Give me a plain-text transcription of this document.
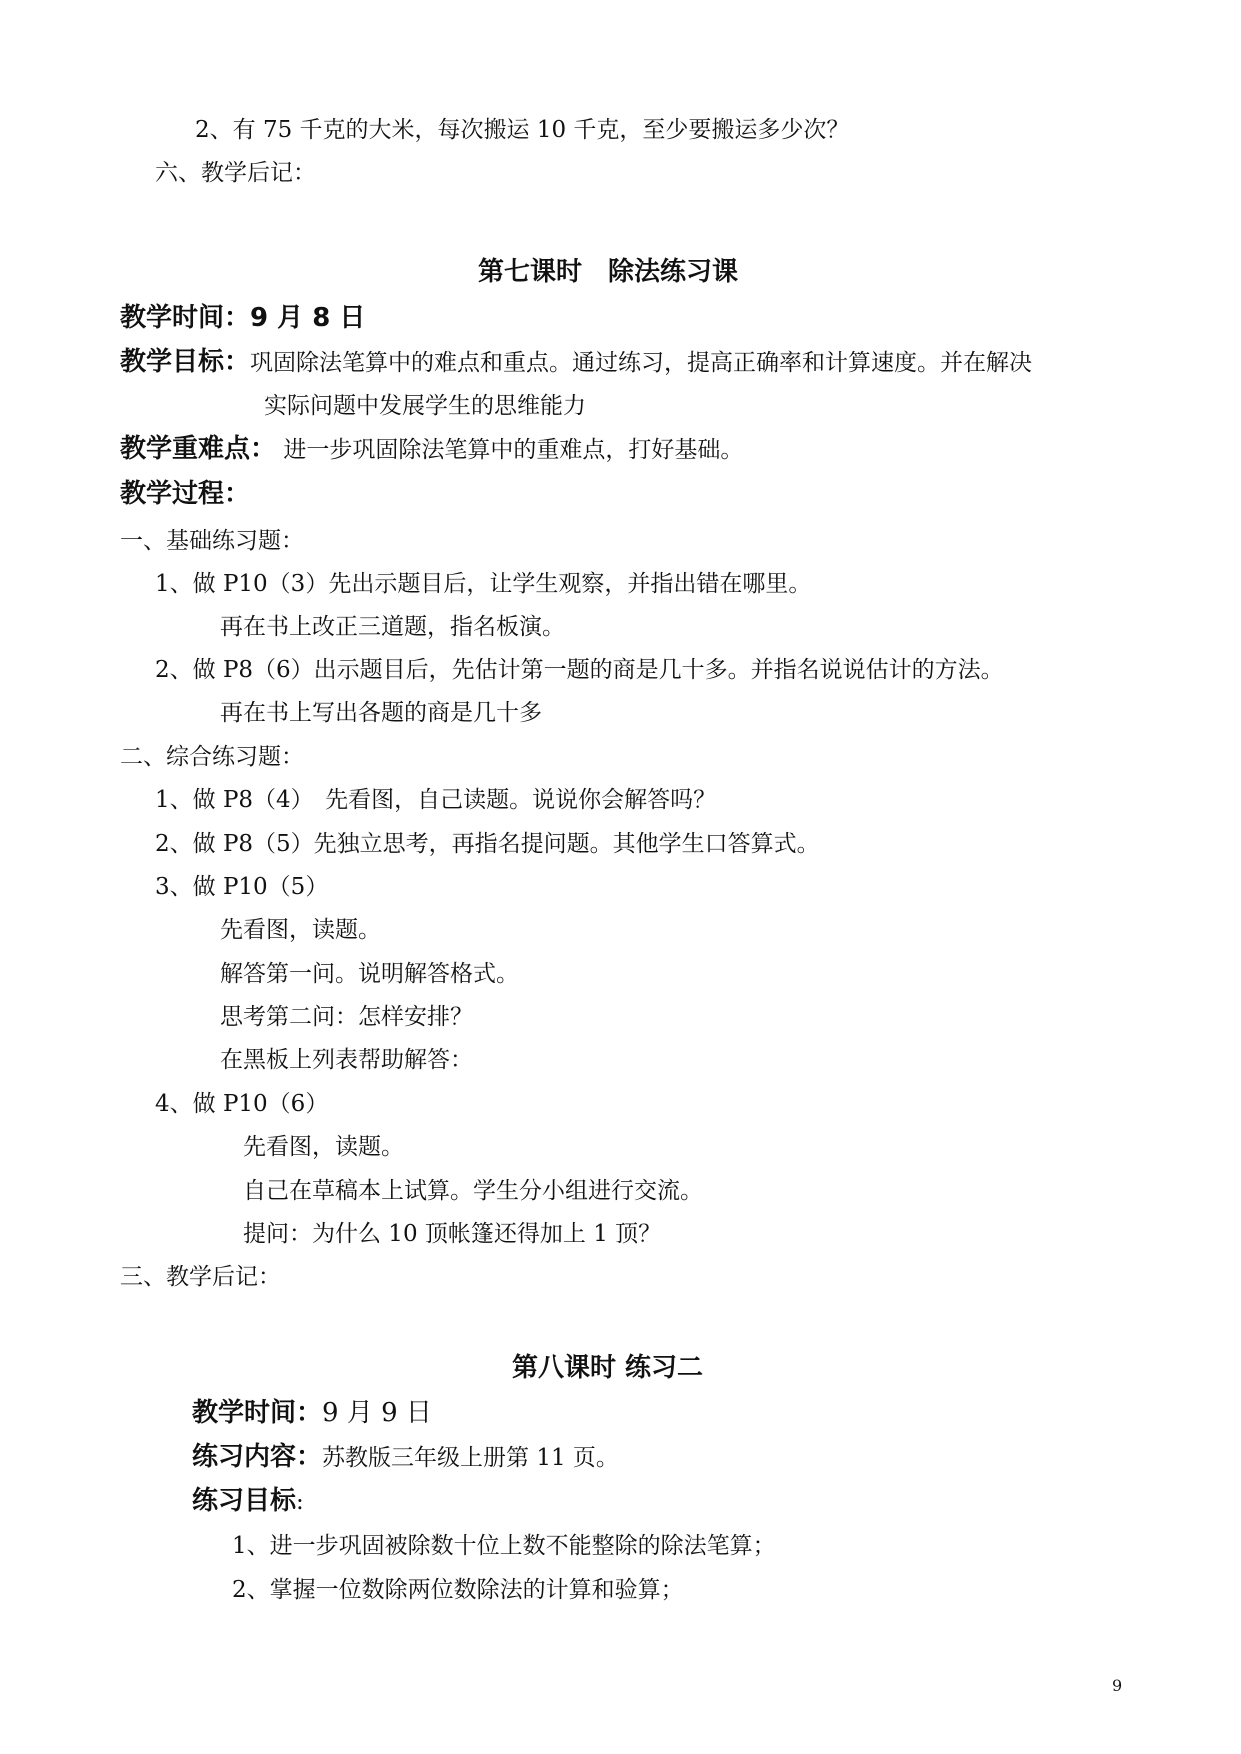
2、有 75 千克的大米，每次搬运 10 千克，至少要搬运多少次？
六、教学后记：
第七课时　除法练习课
教学时间：9 月 8 日
教学目标：巩固除法笔算中的难点和重点。通过练习，提高正确率和计算速度。并在解决
实际问题中发展学生的思维能力
教学重难点： 进一步巩固除法笔算中的重难点，打好基础。
教学过程：
一、基础练习题：
1、做 P10（3）先出示题目后，让学生观察，并指出错在哪里。
再在书上改正三道题，指名板演。
2、做 P8（6）出示题目后，先估计第一题的商是几十多。并指名说说估计的方法。
再在书上写出各题的商是几十多
二、综合练习题：
1、做 P8（4）　先看图，自己读题。说说你会解答吗？
2、做 P8（5）先独立思考，再指名提问题。其他学生口答算式。
3、做 P10（5）
先看图，读题。
解答第一问。说明解答格式。
思考第二问：怎样安排？
在黑板上列表帮助解答：
4、做 P10（6）
先看图，读题。
自己在草稿本上试算。学生分小组进行交流。
提问：为什么 10 顶帐篷还得加上 1 顶？
三、教学后记：
第八课时 练习二
教学时间：9 月 9 日
练习内容：苏教版三年级上册第 11 页。
练习目标:
1、进一步巩固被除数十位上数不能整除的除法笔算；
2、掌握一位数除两位数除法的计算和验算；
9
